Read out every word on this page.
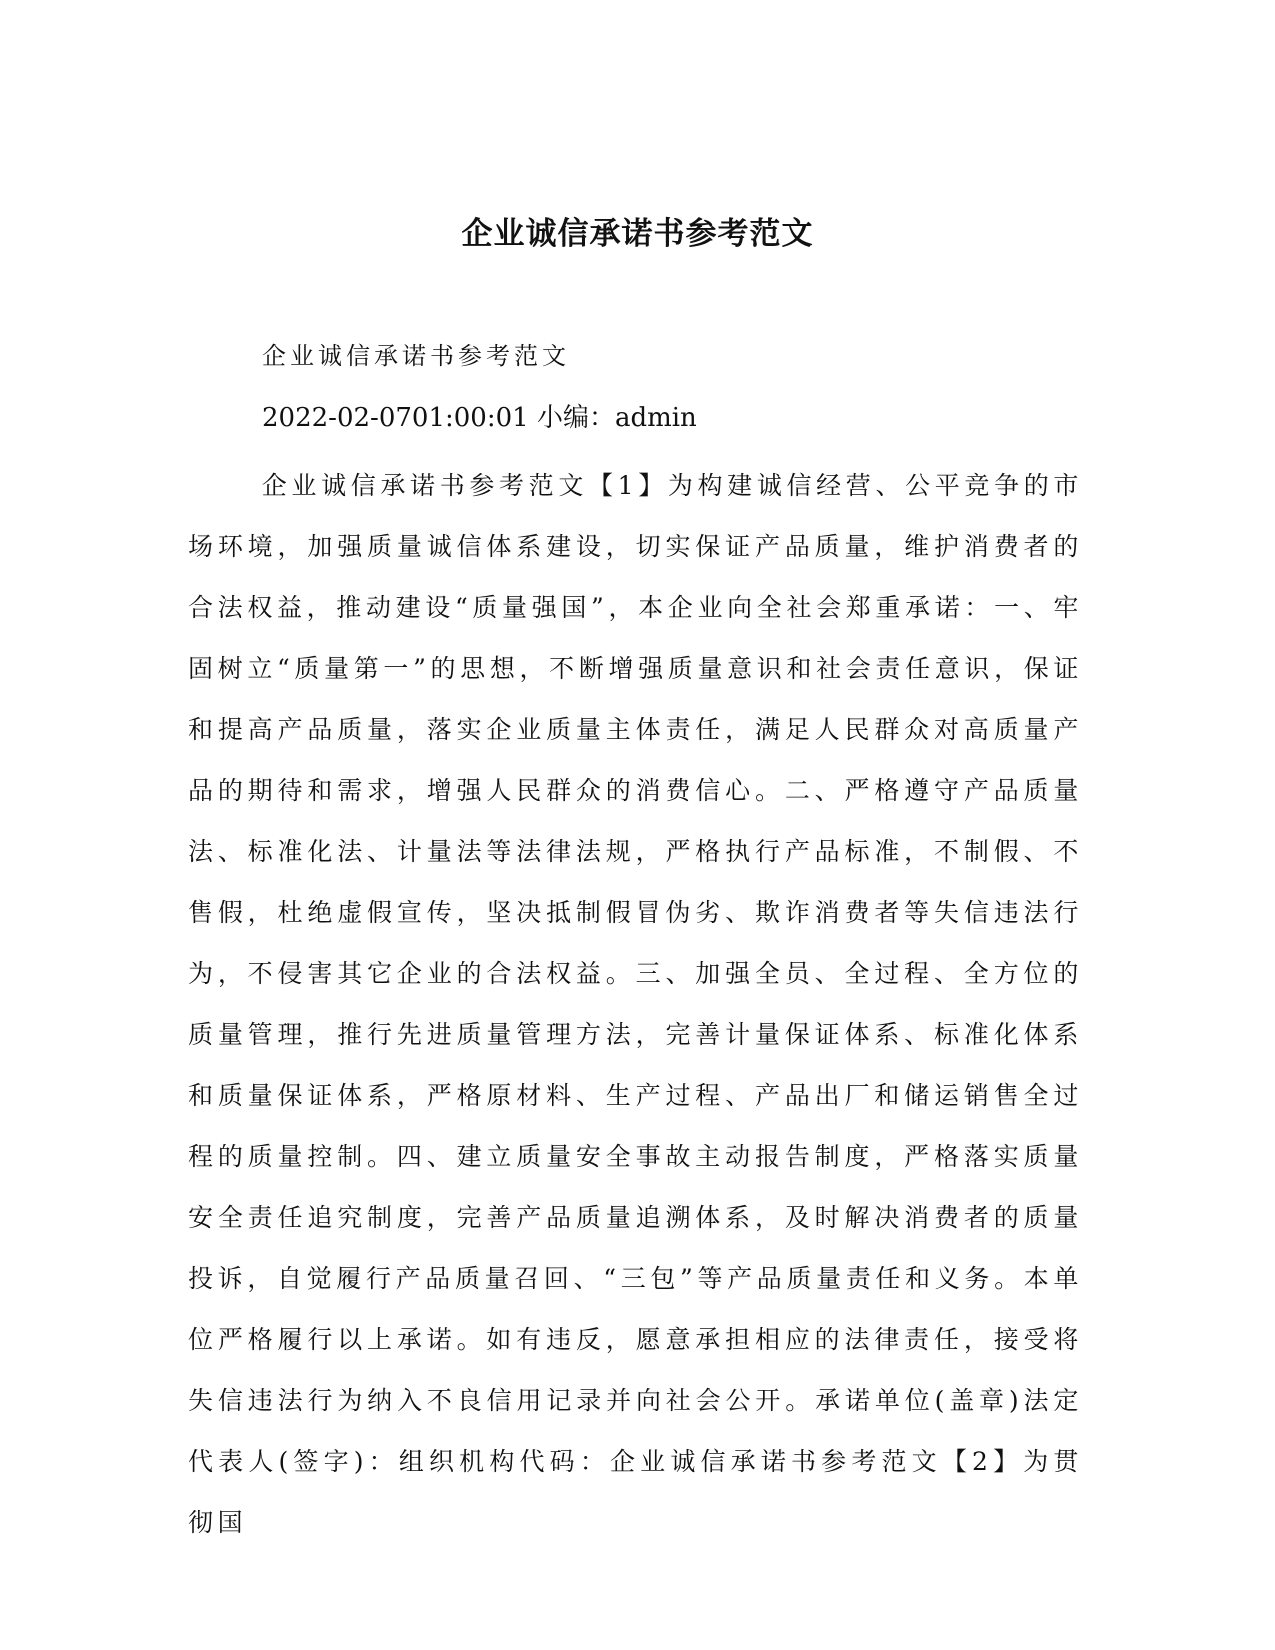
企业诚信承诺书参考范文

企业诚信承诺书参考范文

2022-02-0701:00:01 小编：admin

企业诚信承诺书参考范文【1】为构建诚信经营、公平竞争的市场环境，加强质量诚信体系建设，切实保证产品质量，维护消费者的合法权益，推动建设“质量强国”，本企业向全社会郑重承诺：一、牢固树立“质量第一”的思想，不断增强质量意识和社会责任意识，保证和提高产品质量，落实企业质量主体责任，满足人民群众对高质量产品的期待和需求，增强人民群众的消费信心。二、严格遵守产品质量法、标准化法、计量法等法律法规，严格执行产品标准，不制假、不售假，杜绝虚假宣传，坚决抵制假冒伪劣、欺诈消费者等失信违法行为，不侵害其它企业的合法权益。三、加强全员、全过程、全方位的质量管理，推行先进质量管理方法，完善计量保证体系、标准化体系和质量保证体系，严格原材料、生产过程、产品出厂和储运销售全过程的质量控制。四、建立质量安全事故主动报告制度，严格落实质量安全责任追究制度，完善产品质量追溯体系，及时解决消费者的质量投诉，自觉履行产品质量召回、“三包”等产品质量责任和义务。本单位严格履行以上承诺。如有违反，愿意承担相应的法律责任，接受将失信违法行为纳入不良信用记录并向社会公开。承诺单位(盖章)法定代表人(签字)：组织机构代码：企业诚信承诺书参考范文【2】为贯彻国
